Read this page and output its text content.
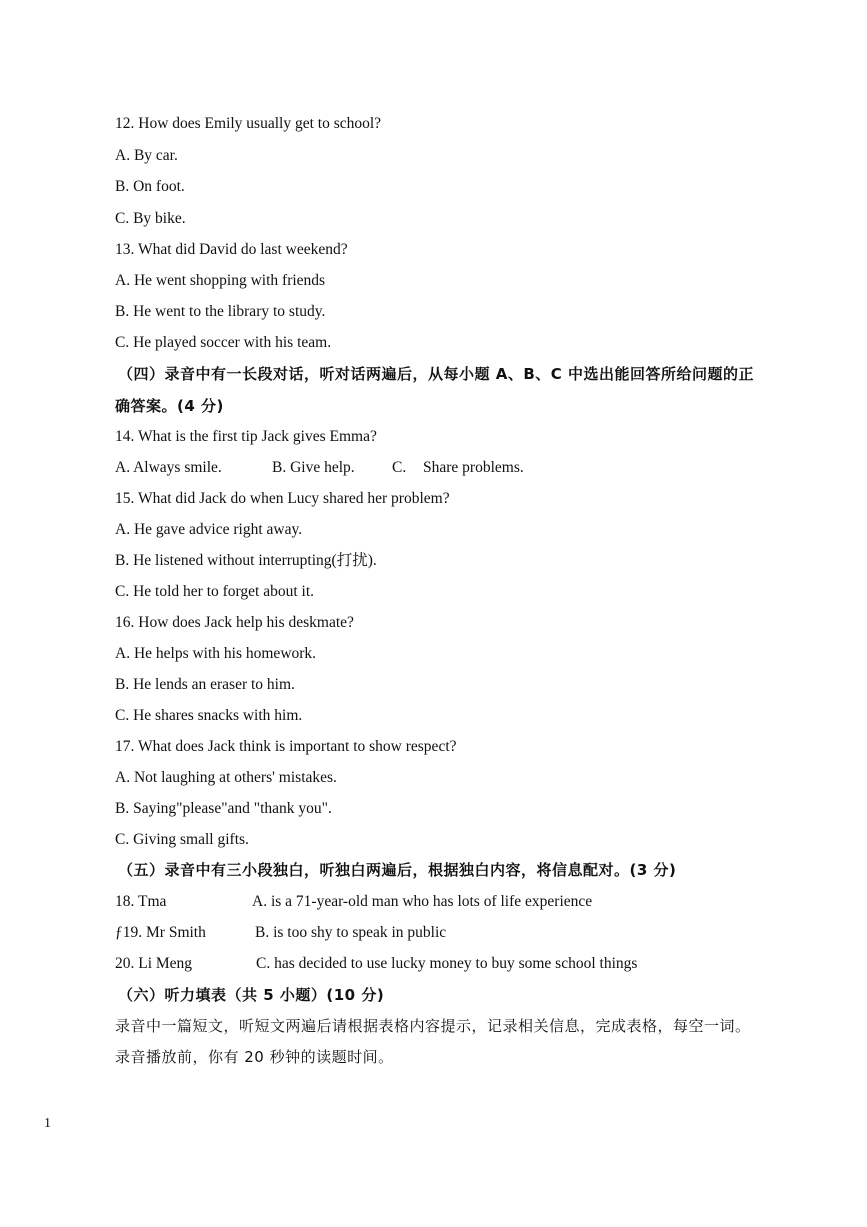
12. How does Emily usually get to school?
A. By car.
B. On foot.
C. By bike.
13. What did David do last weekend?
A. He went shopping with friends
B. He went to the library to study.
C. He played soccer with his team.
（四）录音中有一长段对话，听对话两遍后，从每小题 A、B、C 中选出能回答所给问题的正
确答案。(4 分)
14. What is the first tip Jack gives Emma?
A. Always smile.	B. Give help. C. Share problems.
15. What did Jack do when Lucy shared her problem?
A. He gave advice right away.
B. He listened without interrupting(打扰).
C. He told her to forget about it.
16. How does Jack help his deskmate?
A. He helps with his homework.
B. He lends an eraser to him.
C. He shares snacks with him.
17. What does Jack think is important to show respect?
A. Not laughing at others' mistakes.
B. Saying"please"and "thank you".
C. Giving small gifts.
（五）录音中有三小段独白，听独白两遍后，根据独白内容，将信息配对。(3 分)
18. Tma	A. is a 71-year-old man who has lots of life experience
ƒ19. Mr Smith	B. is too shy to speak in public
20. Li Meng	C. has decided to use lucky money to buy some school things
（六）听力填表（共 5 小题）(10 分)
录音中一篇短文，听短文两遍后请根据表格内容提示，记录相关信息，完成表格，每空一词。
录音播放前，你有 20 秒钟的读题时间。
1
